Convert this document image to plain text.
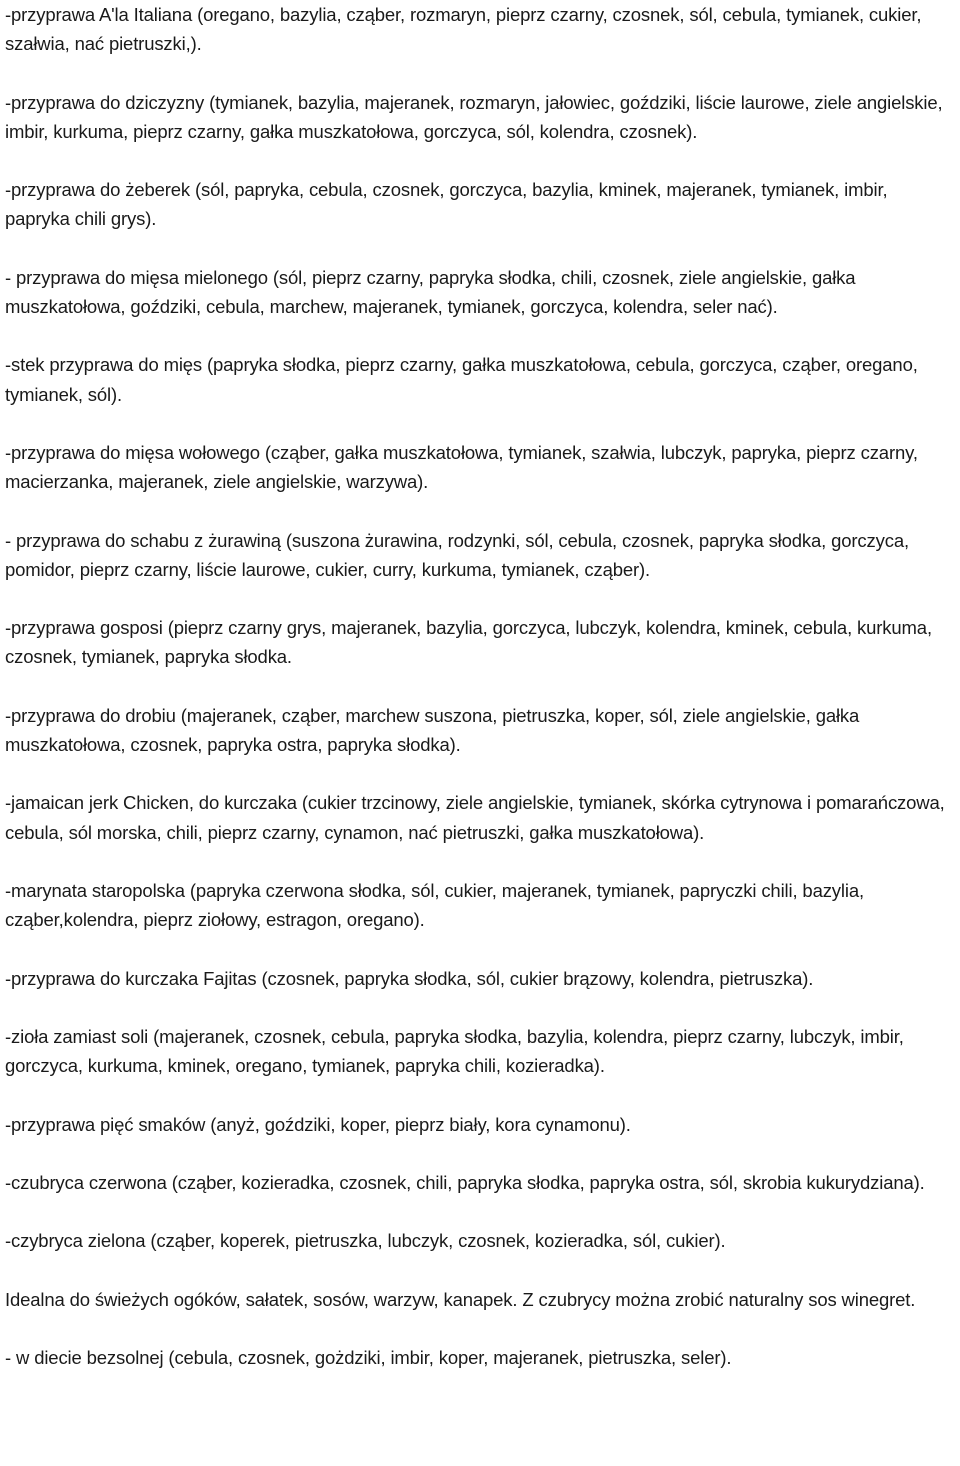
-przyprawa A'la Italiana (oregano, bazylia, cząber, rozmaryn, pieprz czarny, czosnek, sól, cebula, tymianek, cukier, szałwia, nać pietruszki,).

-przyprawa do dziczyzny (tymianek, bazylia, majeranek, rozmaryn, jałowiec, goździki, liście laurowe, ziele angielskie, imbir, kurkuma, pieprz czarny, gałka muszkatołowa, gorczyca, sól, kolendra, czosnek).

-przyprawa do żeberek (sól, papryka, cebula, czosnek, gorczyca, bazylia, kminek, majeranek, tymianek, imbir, papryka chili grys).

- przyprawa do mięsa mielonego (sól, pieprz czarny, papryka słodka, chili, czosnek, ziele angielskie, gałka muszkatołowa, goździki, cebula, marchew, majeranek, tymianek, gorczyca, kolendra, seler nać).

-stek przyprawa do mięs (papryka słodka, pieprz czarny, gałka muszkatołowa, cebula, gorczyca, cząber, oregano, tymianek, sól).

-przyprawa do mięsa wołowego (cząber, gałka muszkatołowa, tymianek, szałwia, lubczyk, papryka, pieprz czarny, macierzanka, majeranek, ziele angielskie, warzywa).

- przyprawa do schabu z żurawiną (suszona żurawina, rodzynki, sól, cebula, czosnek, papryka słodka, gorczyca, pomidor, pieprz czarny, liście laurowe, cukier, curry, kurkuma, tymianek, cząber).

-przyprawa gosposi (pieprz czarny grys, majeranek, bazylia, gorczyca, lubczyk, kolendra, kminek, cebula, kurkuma, czosnek, tymianek, papryka słodka.

-przyprawa do drobiu (majeranek, cząber, marchew suszona, pietruszka, koper, sól, ziele angielskie, gałka muszkatołowa, czosnek, papryka ostra, papryka słodka).

-jamaican jerk Chicken, do kurczaka (cukier trzcinowy, ziele angielskie, tymianek, skórka cytrynowa i pomarańczowa, cebula, sól morska, chili, pieprz czarny, cynamon, nać pietruszki, gałka muszkatołowa).

-marynata staropolska (papryka czerwona słodka, sól, cukier, majeranek, tymianek, papryczki chili, bazylia, cząber,kolendra, pieprz ziołowy, estragon, oregano).

-przyprawa do kurczaka Fajitas (czosnek, papryka słodka, sól, cukier brązowy, kolendra, pietruszka).

-zioła zamiast soli (majeranek, czosnek, cebula, papryka słodka, bazylia, kolendra, pieprz czarny, lubczyk, imbir, gorczyca, kurkuma, kminek, oregano, tymianek, papryka chili, kozieradka).

-przyprawa pięć smaków (anyż, goździki, koper, pieprz biały, kora cynamonu).

-czubryca czerwona (cząber, kozieradka, czosnek, chili, papryka słodka, papryka ostra, sól, skrobia kukurydziana).

-czybryca zielona (cząber, koperek, pietruszka, lubczyk, czosnek, kozieradka, sól, cukier).

Idealna do świeżych ogóków, sałatek, sosów, warzyw, kanapek. Z czubrycy można zrobić naturalny sos winegret.

- w diecie bezsolnej (cebula, czosnek, gożdziki, imbir, koper, majeranek, pietruszka, seler).
